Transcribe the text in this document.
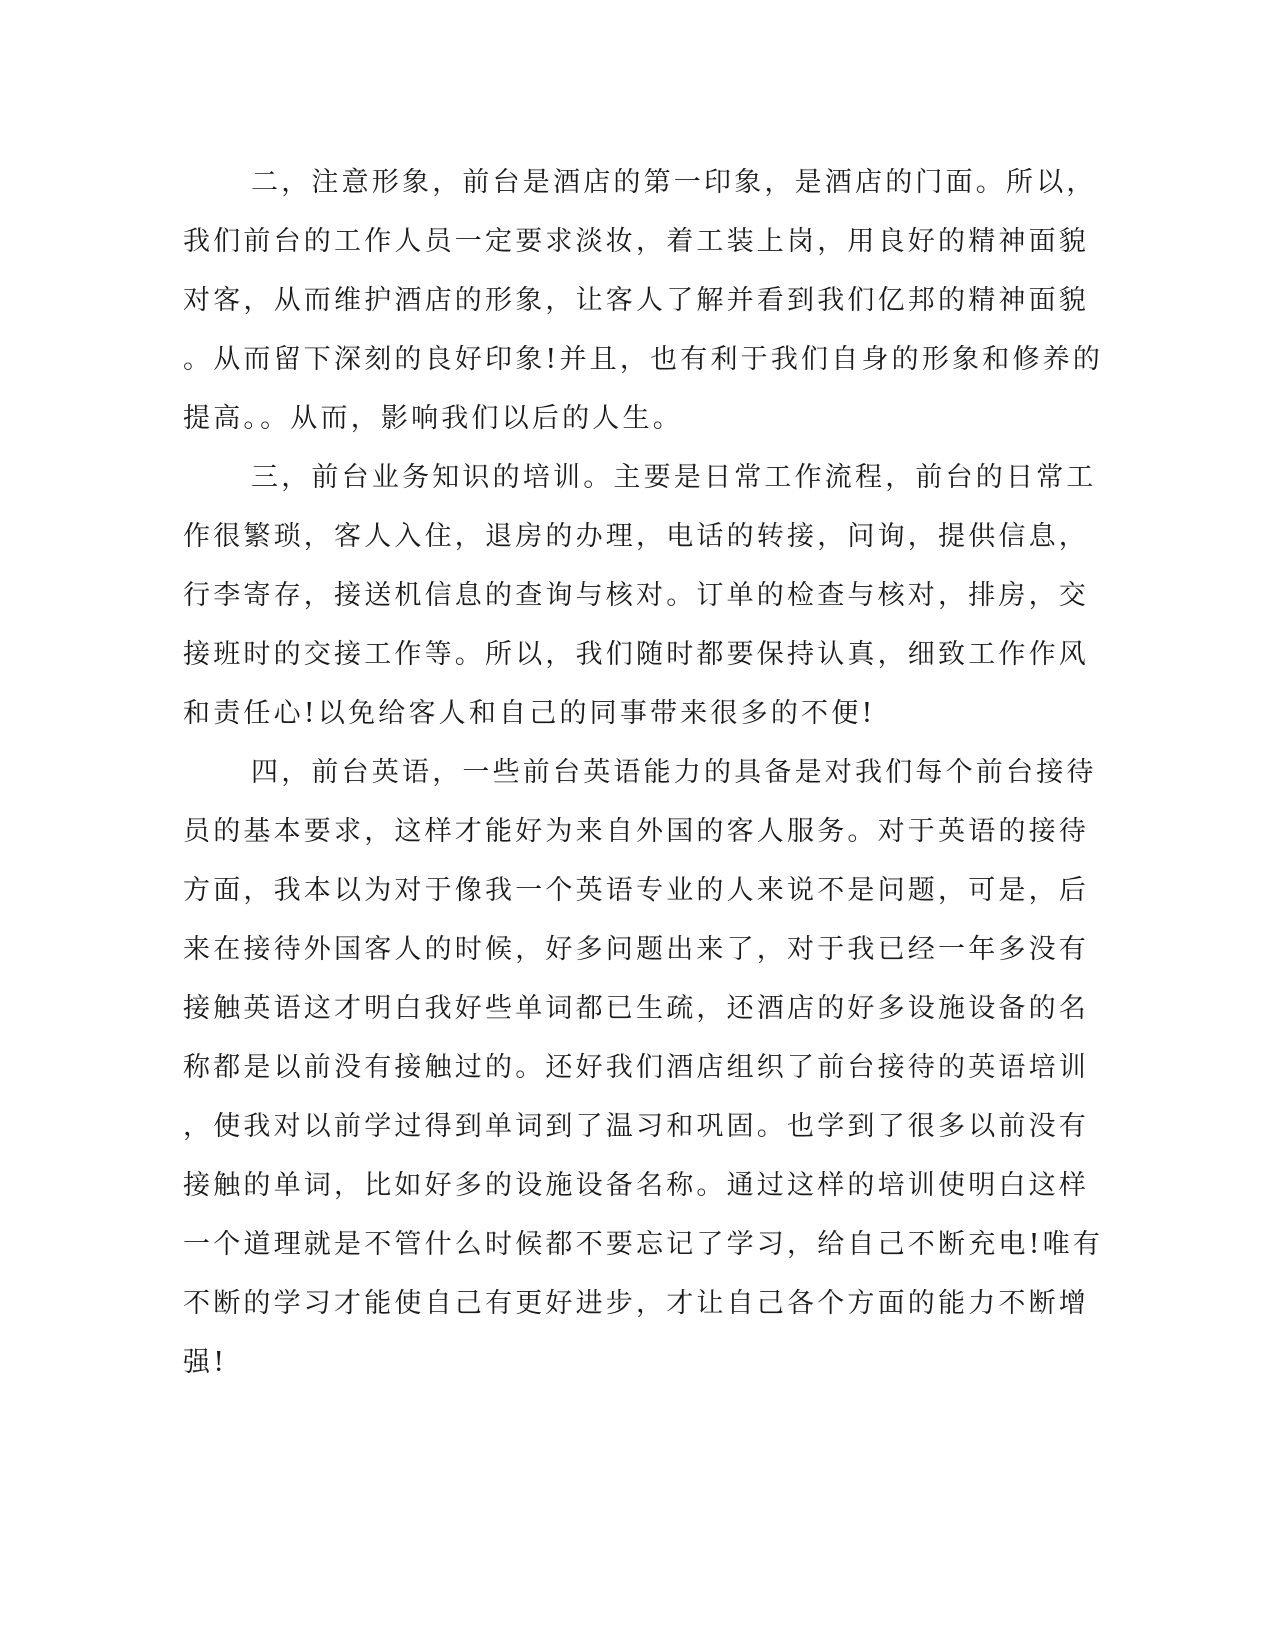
二，注意形象，前台是酒店的第一印象，是酒店的门面。所以，
我们前台的工作人员一定要求淡妆，着工装上岗，用良好的精神面貌
对客，从而维护酒店的形象，让客人了解并看到我们亿邦的精神面貌
。从而留下深刻的良好印象!并且，也有利于我们自身的形象和修养的
提高。。从而，影响我们以后的人生。
三，前台业务知识的培训。主要是日常工作流程，前台的日常工
作很繁琐，客人入住，退房的办理，电话的转接，问询，提供信息，
行李寄存，接送机信息的查询与核对。订单的检查与核对，排房，交
接班时的交接工作等。所以，我们随时都要保持认真，细致工作作风
和责任心!以免给客人和自己的同事带来很多的不便!
四，前台英语，一些前台英语能力的具备是对我们每个前台接待
员的基本要求，这样才能好为来自外国的客人服务。对于英语的接待
方面，我本以为对于像我一个英语专业的人来说不是问题，可是，后
来在接待外国客人的时候，好多问题出来了，对于我已经一年多没有
接触英语这才明白我好些单词都已生疏，还酒店的好多设施设备的名
称都是以前没有接触过的。还好我们酒店组织了前台接待的英语培训
，使我对以前学过得到单词到了温习和巩固。也学到了很多以前没有
接触的单词，比如好多的设施设备名称。通过这样的培训使明白这样
一个道理就是不管什么时候都不要忘记了学习，给自己不断充电!唯有
不断的学习才能使自己有更好进步，才让自己各个方面的能力不断增
强!
